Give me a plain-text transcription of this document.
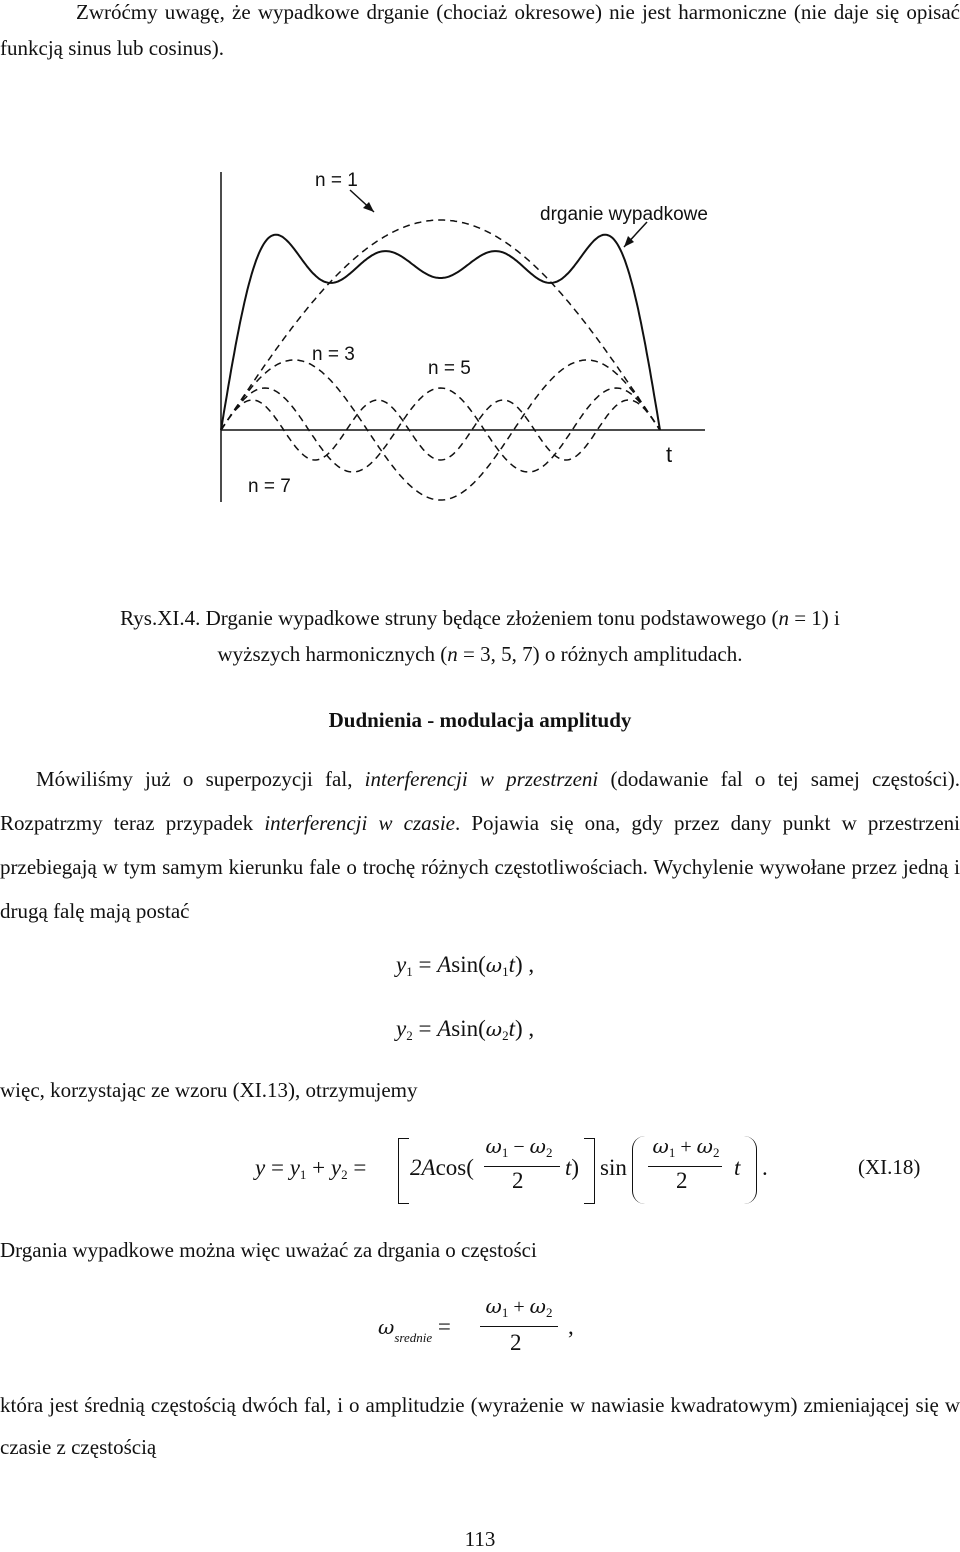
Zwróćmy uwagę, że wypadkowe drganie (chociaż okresowe) nie jest harmoniczne (nie daje się opisać funkcją sinus lub cosinus).
n = 1
drganie wypadkowe
n = 3
n = 5
n = 7
t
Rys.XI.4. Drganie wypadkowe struny będące złożeniem tonu podstawowego (n = 1) i
wyższych harmonicznych (n = 3, 5, 7) o różnych amplitudach.
Dudnienia - modulacja amplitudy
Mówiliśmy już o superpozycji fal, interferencji w przestrzeni (dodawanie fal o tej samej częstości). Rozpatrzmy teraz przypadek interferencji w czasie. Pojawia się ona, gdy przez dany punkt w przestrzeni przebiegają w tym samym kierunku fale o trochę różnych częstotliwościach. Wychylenie wywołane przez jedną i drugą falę mają postać
$y_1 = Asin(\omega_1t)$ ,
$y_2 = Asin(\omega_2t)$ ,
więc, korzystając ze wzoru (XI.13), otrzymujemy
$y = y_1 + y_2 = 2Acos$(
$\omega_1 - \omega_2$
2
t) sin
$\omega_1 + \omega_2$
2
t .	(XI.18)
Drgania wypadkowe można więc uważać za drgania o częstości
$\omega_{srednie}$ =
$\omega_1 + \omega_2$
2
,
która jest średnią częstością dwóch fal, i o amplitudzie (wyrażenie w nawiasie kwadratowym) zmieniającej się w czasie z częstością
113
